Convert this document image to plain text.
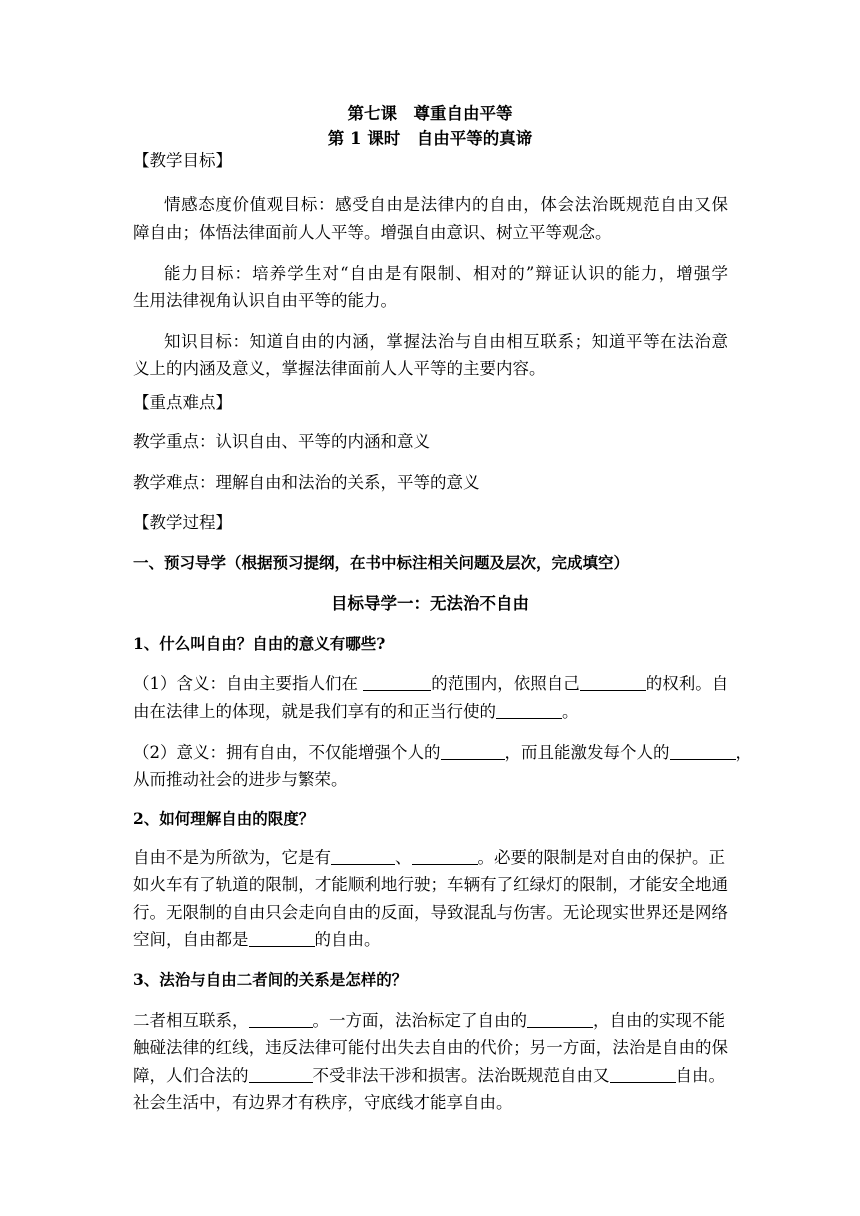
第七课　尊重自由平等
第 1 课时　自由平等的真谛
【教学目标】
情感态度价值观目标：感受自由是法律内的自由，体会法治既规范自由又保
障自由；体悟法律面前人人平等。增强自由意识、树立平等观念。
能力目标：培养学生对“自由是有限制、相对的”辩证认识的能力，增强学
生用法律视角认识自由平等的能力。
知识目标：知道自由的内涵，掌握法治与自由相互联系；知道平等在法治意
义上的内涵及意义，掌握法律面前人人平等的主要内容。
【重点难点】
教学重点：认识自由、平等的内涵和意义
教学难点：理解自由和法治的关系，平等的意义
【教学过程】
一、预习导学（根据预习提纲，在书中标注相关问题及层次，完成填空）
目标导学一：无法治不自由
1、什么叫自由？自由的意义有哪些?
（1）含义：自由主要指人们在	的范围内，依照自己	的权利。自
由在法律上的体现，就是我们享有的和正当行使的	。
（2）意义：拥有自由，不仅能增强个人的	，而且能激发每个人的	，
从而推动社会的进步与繁荣。
2、如何理解自由的限度？
自由不是为所欲为，它是有	、	。必要的限制是对自由的保护。正
如火车有了轨道的限制，才能顺利地行驶；车辆有了红绿灯的限制，才能安全地通
行。无限制的自由只会走向自由的反面，导致混乱与伤害。无论现实世界还是网络
空间，自由都是	的自由。
3、法治与自由二者间的关系是怎样的？
二者相互联系，	。一方面，法治标定了自由的	，自由的实现不能
触碰法律的红线，违反法律可能付出失去自由的代价；另一方面，法治是自由的保
障，人们合法的	不受非法干涉和损害。法治既规范自由又	自由。
社会生活中，有边界才有秩序，守底线才能享自由。
